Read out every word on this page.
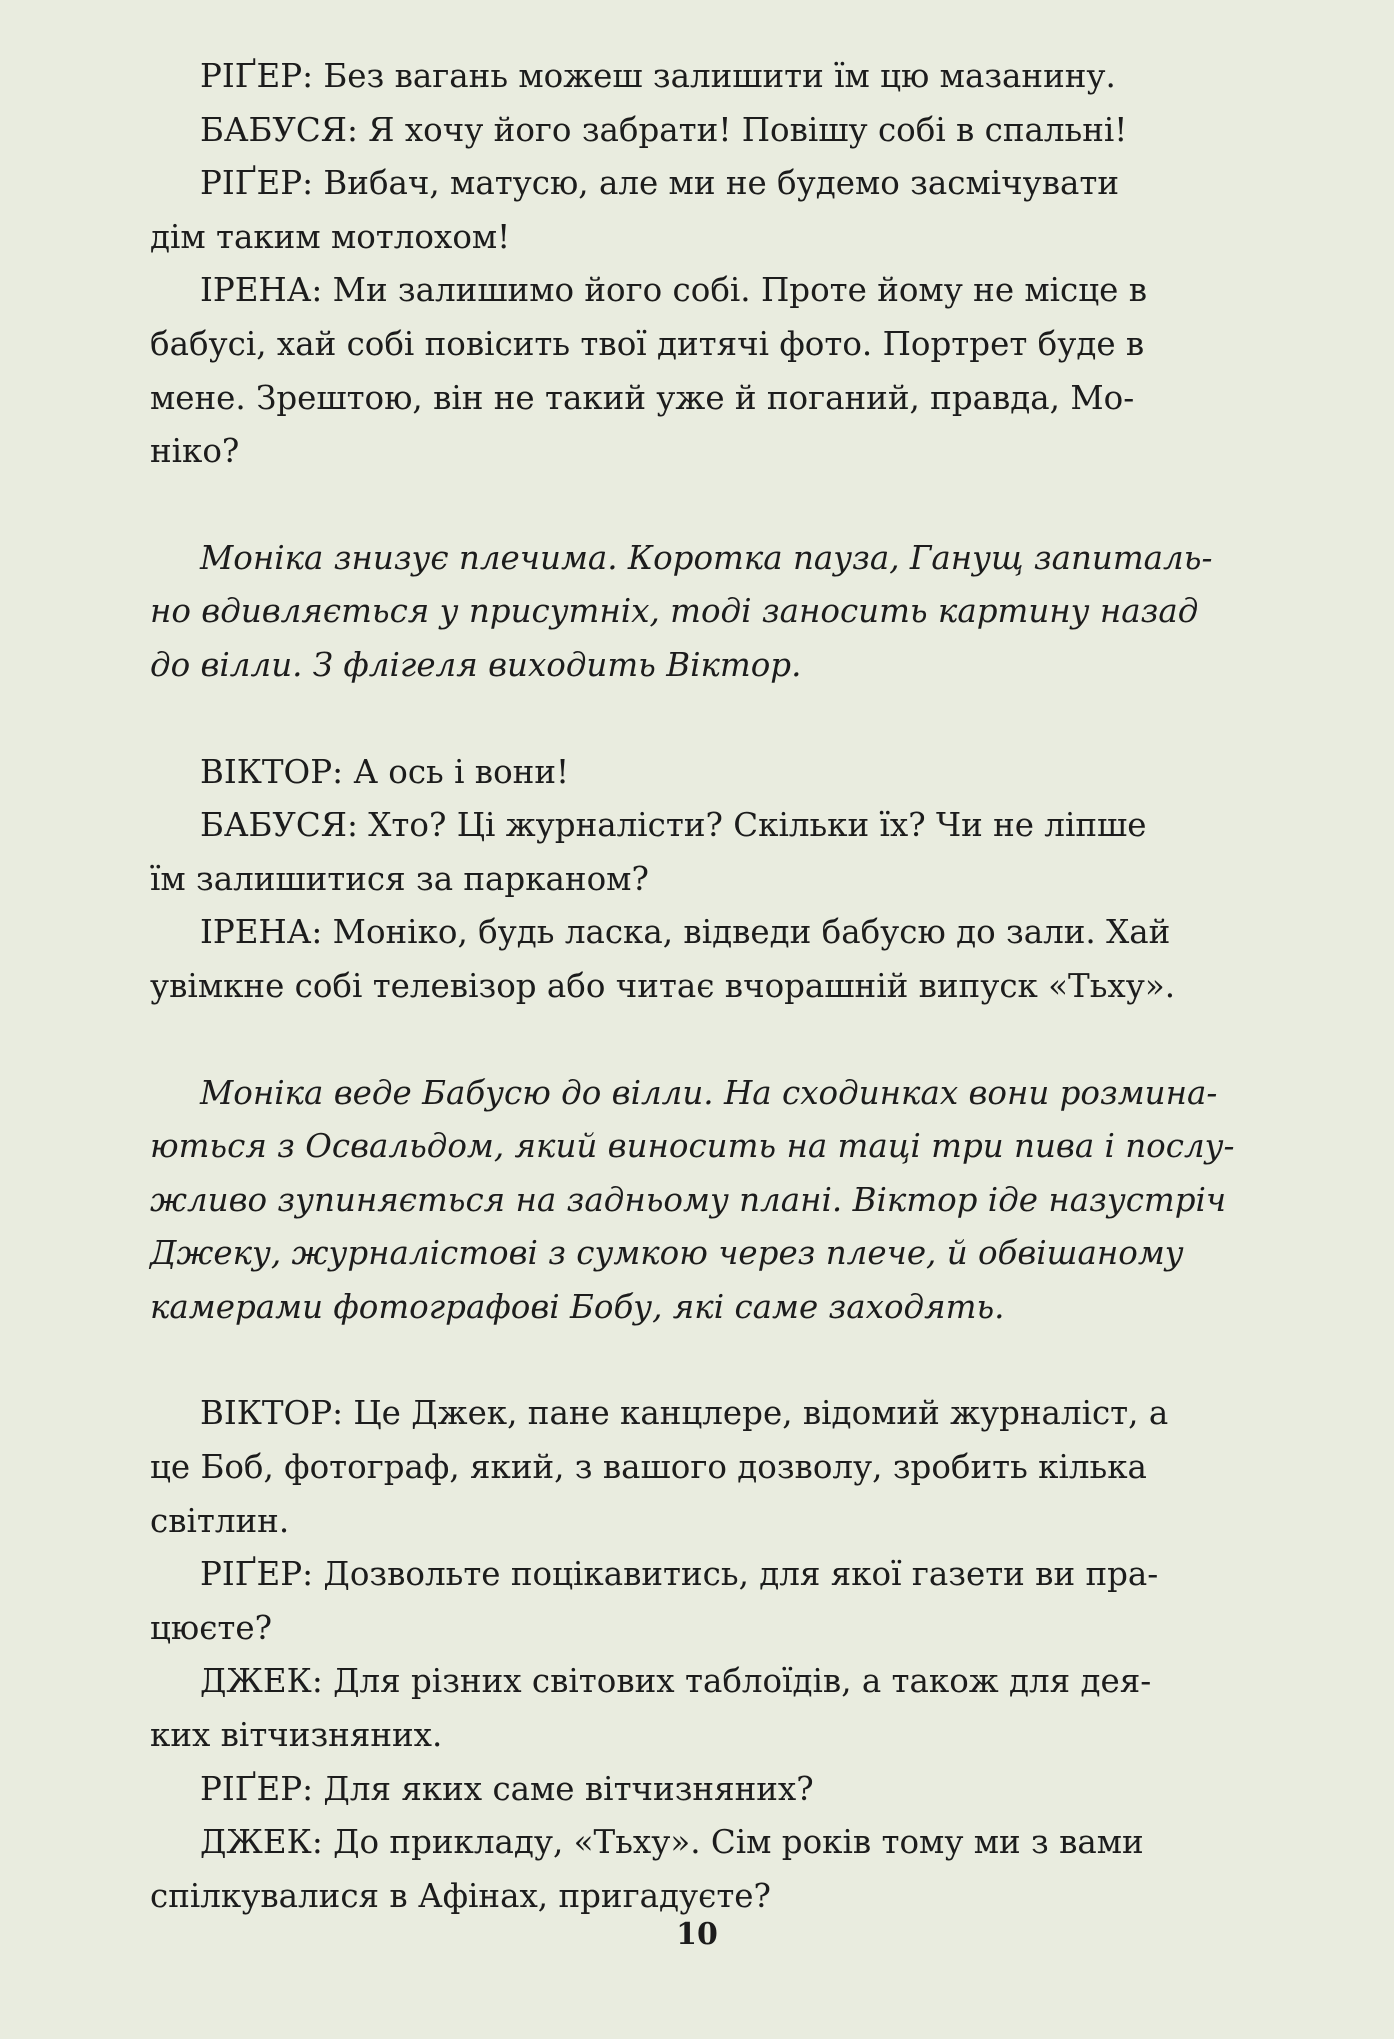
РІҐЕР: Без вагань можеш залишити їм цю мазанину.
БАБУСЯ: Я хочу його забрати! Повішу собі в спальні!
РІҐЕР: Вибач, матусю, але ми не будемо засмічувати
дім таким мотлохом!
ІРЕНА: Ми залишимо його собі. Проте йому не місце в
бабусі, хай собі повісить твої дитячі фото. Портрет буде в
мене. Зрештою, він не такий уже й поганий, правда, Мо-
ніко?
Моніка знизує плечима. Коротка пауза, Ганущ запиталь-
но вдивляється у присутніх, тоді заносить картину назад
до вілли. З флігеля виходить Віктор.
ВІКТОР: А ось і вони!
БАБУСЯ: Хто? Ці журналісти? Скільки їх? Чи не ліпше
їм залишитися за парканом?
ІРЕНА: Моніко, будь ласка, відведи бабусю до зали. Хай
увімкне собі телевізор або читає вчорашній випуск «Тьху».
Моніка веде Бабусю до вілли. На сходинках вони розмина-
ються з Освальдом, який виносить на таці три пива і послу-
жливо зупиняється на задньому плані. Віктор іде назустріч
Джеку, журналістові з сумкою через плече, й обвішаному
камерами фотографові Бобу, які саме заходять.
ВІКТОР: Це Джек, пане канцлере, відомий журналіст, а
це Боб, фотограф, який, з вашого дозволу, зробить кілька
світлин.
РІҐЕР: Дозвольте поцікавитись, для якої газети ви пра-
цюєте?
ДЖЕК: Для різних світових таблоїдів, а також для дея-
ких вітчизняних.
РІҐЕР: Для яких саме вітчизняних?
ДЖЕК: До прикладу, «Тьху». Сім років тому ми з вами
спілкувалися в Афінах, пригадуєте?
10
